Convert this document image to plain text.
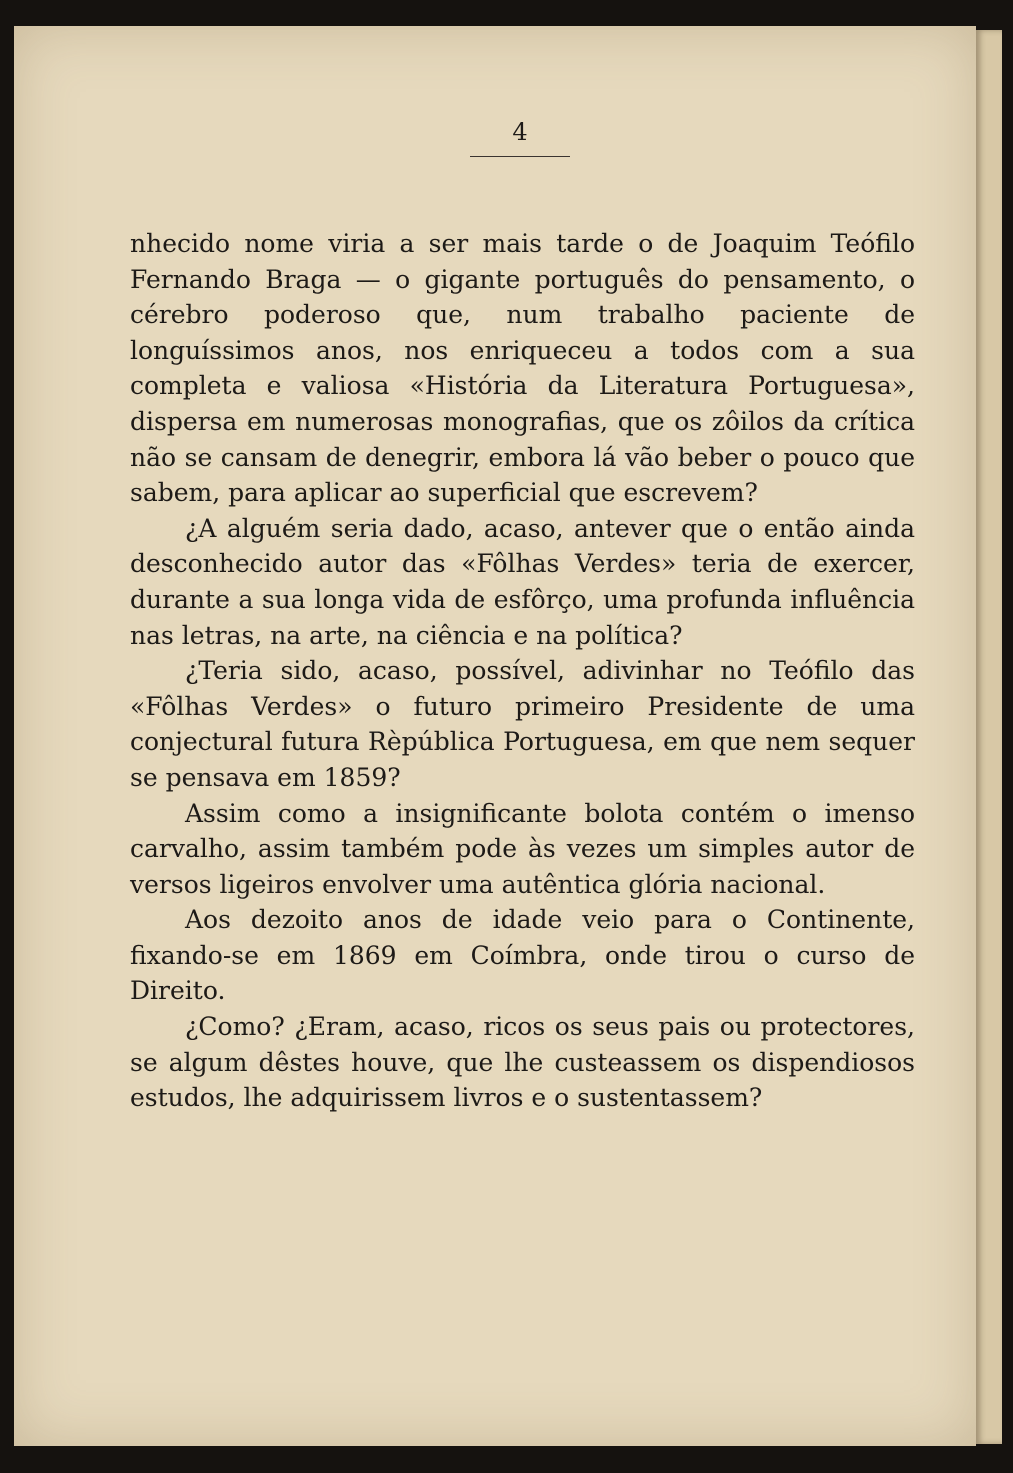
4

nhecido nome viria a ser mais tarde o de Joaquim Teófilo Fernando Braga — o gigante português do pensamento, o cérebro poderoso que, num trabalho paciente de longuíssimos anos, nos enriqueceu a todos com a sua completa e valiosa «História da Literatura Portuguesa», dispersa em numerosas monografias, que os zôilos da crítica não se cansam de denegrir, embora lá vão beber o pouco que sabem, para aplicar ao superficial que escrevem?

¿A alguém seria dado, acaso, antever que o então ainda desconhecido autor das «Fôlhas Verdes» teria de exercer, durante a sua longa vida de esfôrço, uma profunda influência nas letras, na arte, na ciência e na política?

¿Teria sido, acaso, possível, adivinhar no Teófilo das «Fôlhas Verdes» o futuro primeiro Presidente de uma conjectural futura Rèpública Portuguesa, em que nem sequer se pensava em 1859?

Assim como a insignificante bolota contém o imenso carvalho, assim também pode às vezes um simples autor de versos ligeiros envolver uma autêntica glória nacional.

Aos dezoito anos de idade veio para o Continente, fixando-se em 1869 em Coímbra, onde tirou o curso de Direito.

¿Como? ¿Eram, acaso, ricos os seus pais ou protectores, se algum dêstes houve, que lhe custeassem os dispendiosos estudos, lhe adquirissem livros e o sustentassem?
